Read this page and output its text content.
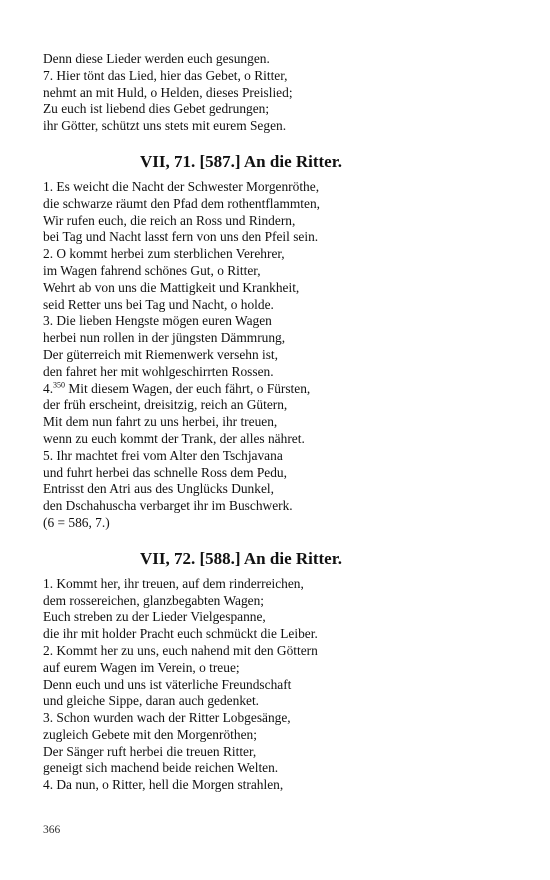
Denn diese Lieder werden euch gesungen.
7. Hier tönt das Lied, hier das Gebet, o Ritter,
nehmt an mit Huld, o Helden, dieses Preislied;
Zu euch ist liebend dies Gebet gedrungen;
ihr Götter, schützt uns stets mit eurem Segen.
VII, 71. [587.] An die Ritter.
1. Es weicht die Nacht der Schwester Morgenröthe,
die schwarze räumt den Pfad dem rothentflammten,
Wir rufen euch, die reich an Ross und Rindern,
bei Tag und Nacht lasst fern von uns den Pfeil sein.
2. O kommt herbei zum sterblichen Verehrer,
im Wagen fahrend schönes Gut, o Ritter,
Wehrt ab von uns die Mattigkeit und Krankheit,
seid Retter uns bei Tag und Nacht, o holde.
3. Die lieben Hengste mögen euren Wagen
herbei nun rollen in der jüngsten Dämmrung,
Der güterreich mit Riemenwerk versehn ist,
den fahret her mit wohlgeschirrten Rossen.
4.$^{350}$ Mit diesem Wagen, der euch fährt, o Fürsten,
der früh erscheint, dreisitzig, reich an Gütern,
Mit dem nun fahrt zu uns herbei, ihr treuen,
wenn zu euch kommt der Trank, der alles nähret.
5. Ihr machtet frei vom Alter den Tschjavana
und fuhrt herbei das schnelle Ross dem Pedu,
Entrisst den Atri aus des Unglücks Dunkel,
den Dschahuscha verbarget ihr im Buschwerk.
(6 = 586, 7.)
VII, 72. [588.] An die Ritter.
1. Kommt her, ihr treuen, auf dem rinderreichen,
dem rossereichen, glanzbegabten Wagen;
Euch streben zu der Lieder Vielgespanne,
die ihr mit holder Pracht euch schmückt die Leiber.
2. Kommt her zu uns, euch nahend mit den Göttern
auf eurem Wagen im Verein, o treue;
Denn euch und uns ist väterliche Freundschaft
und gleiche Sippe, daran auch gedenket.
3. Schon wurden wach der Ritter Lobgesänge,
zugleich Gebete mit den Morgenröthen;
Der Sänger ruft herbei die treuen Ritter,
geneigt sich machend beide reichen Welten.
4. Da nun, o Ritter, hell die Morgen strahlen,
366
